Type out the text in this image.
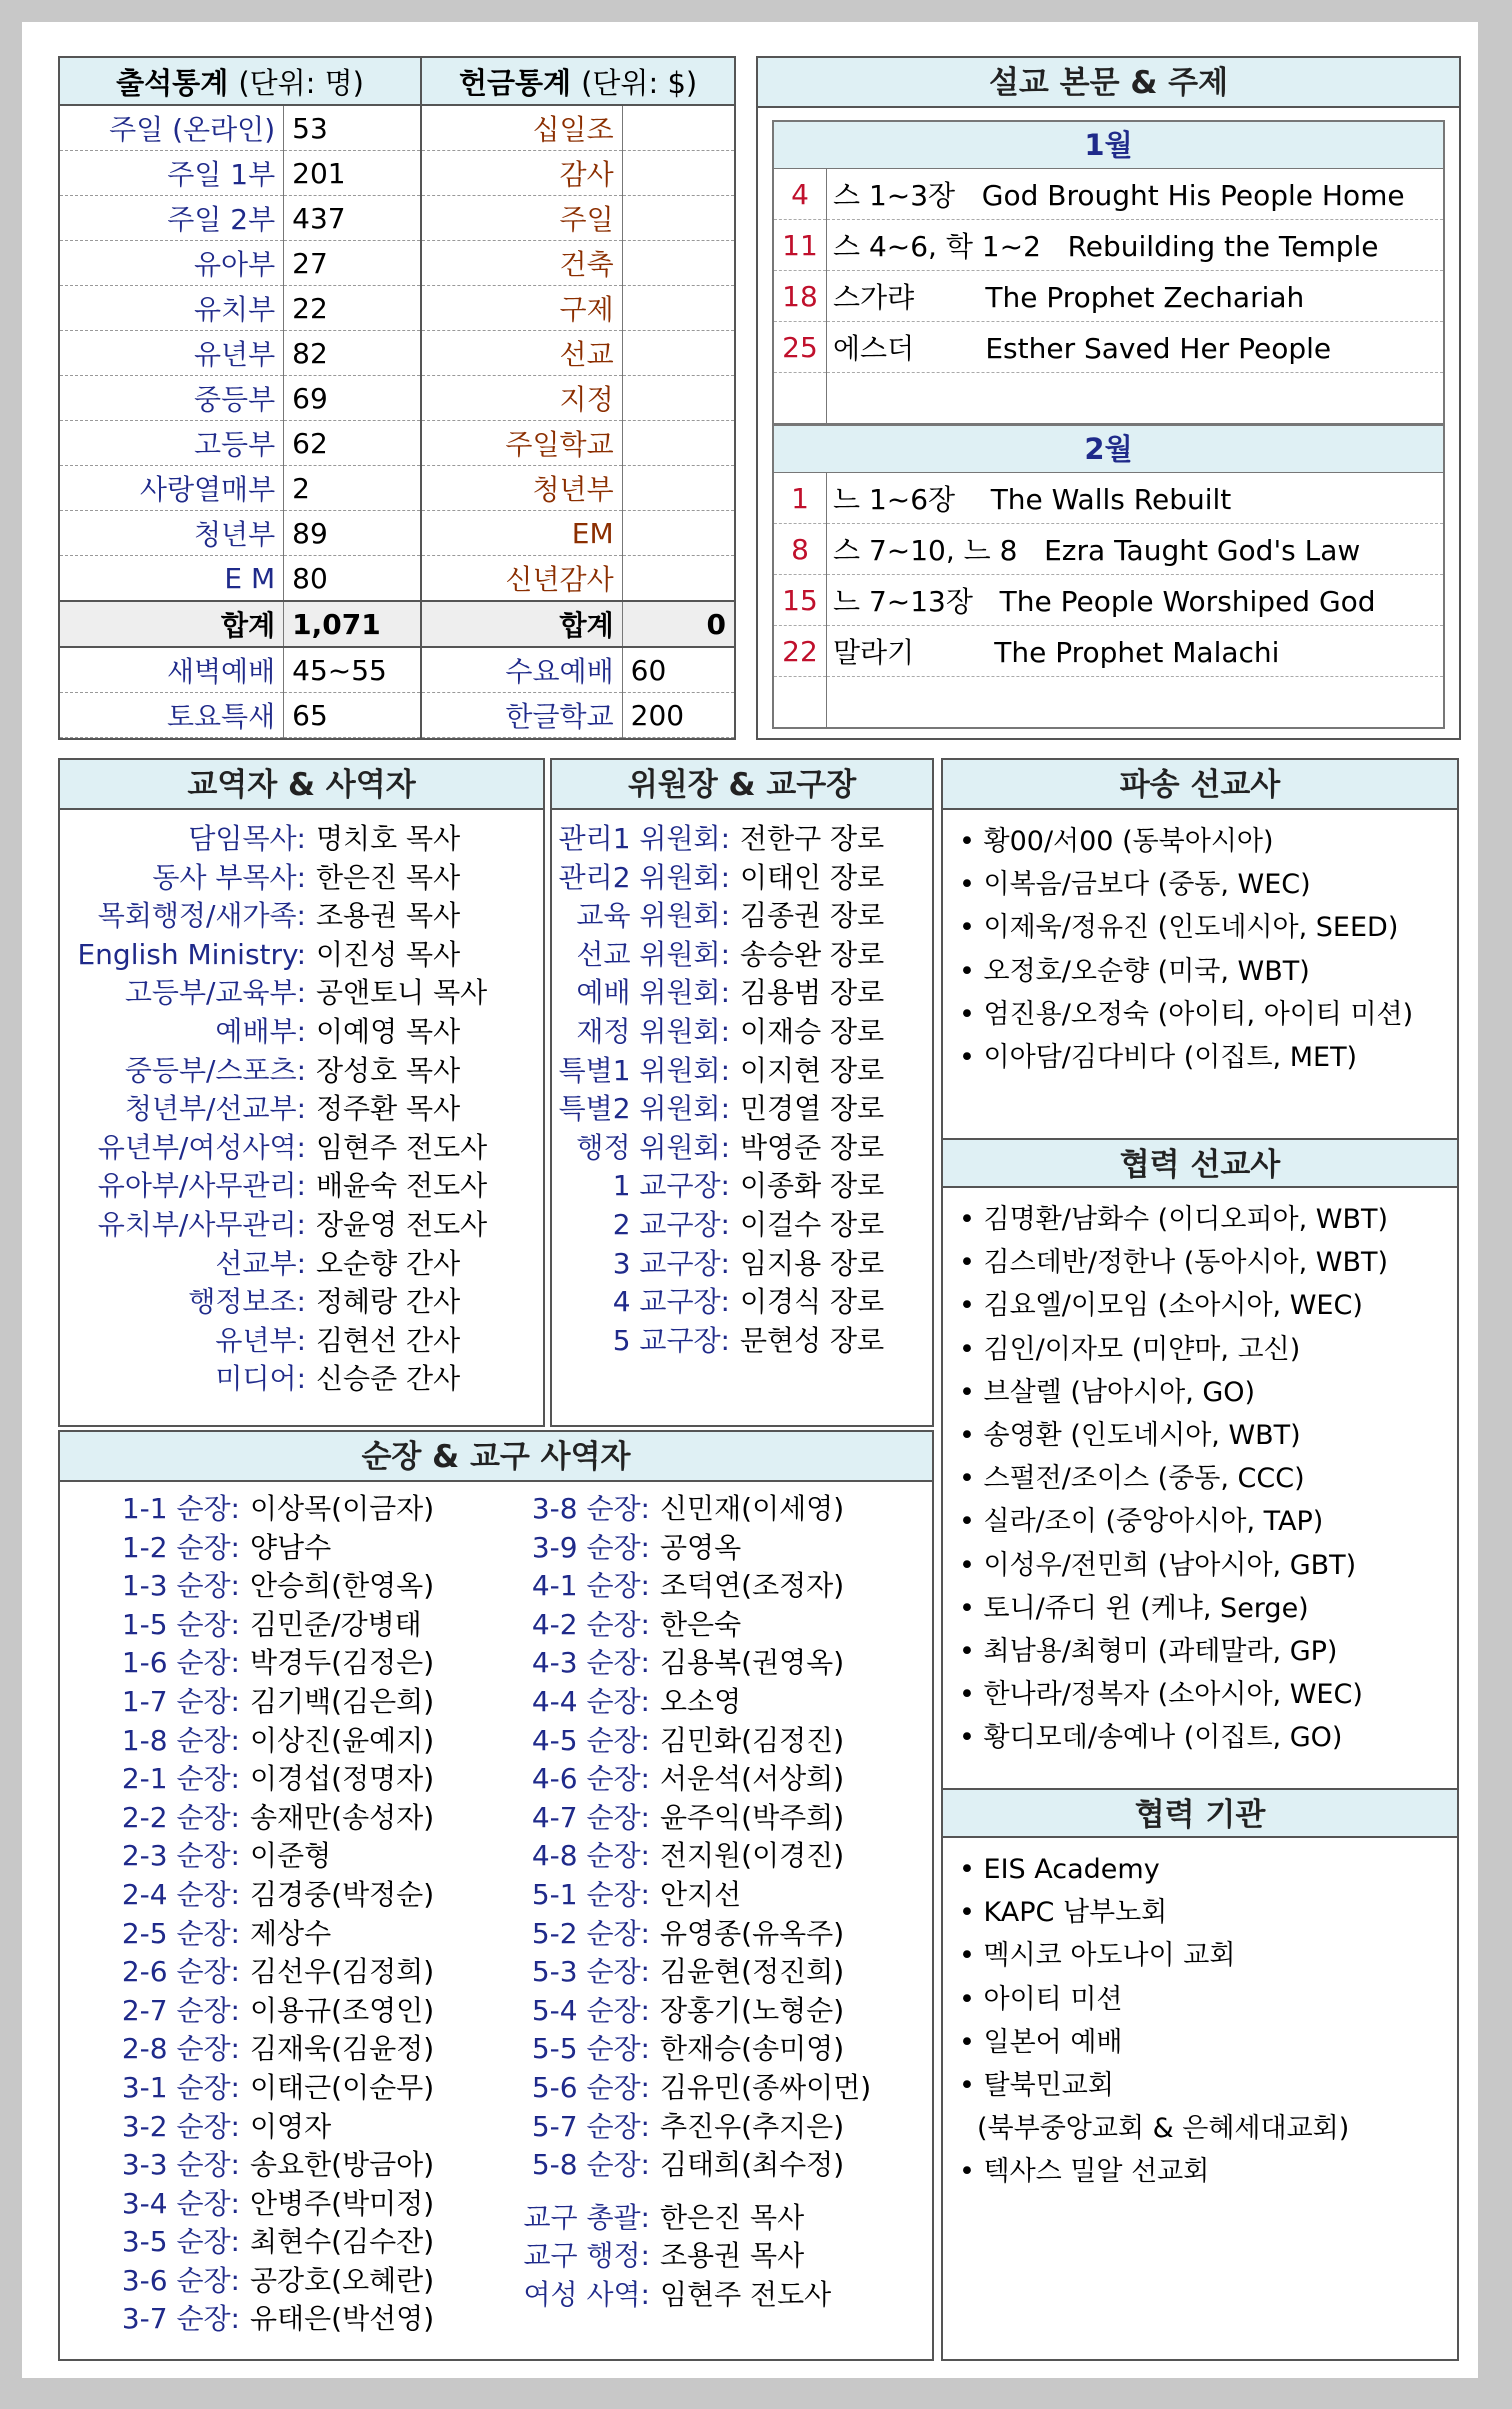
출석통계 (단위: 명)		헌금통계 (단위: $)	
주일 (온라인)	53	십일조	
주일 1부	201	감사	
주일 2부	437	주일	
유아부	27	건축	
유치부	22	구제	
유년부	82	선교	
중등부	69	지정	
고등부	62	주일학교	
사랑열매부	2	청년부	
청년부	89	EM	
E M	80	신년감사	
합계	1,071	합계	0
새벽예배	45~55	수요예배	60
토요특새	65	한글학교	200
설교 본문 & 주제
1월
4	스 1~3장   God Brought His People Home
11	스 4~6, 학 1~2   Rebuilding the Temple
18	스가랴        The Prophet Zechariah
25	에스더        Esther Saved Her People

2월
1	느 1~6장    The Walls Rebuilt
8	스 7~10, 느 8   Ezra Taught God's Law
15	느 7~13장   The People Worshiped God
22	말라기         The Prophet Malachi

교역자 & 사역자
담임목사: 명치호 목사
동사 부목사: 한은진 목사
목회행정/새가족: 조용권 목사
English Ministry: 이진성 목사
고등부/교육부: 공앤토니 목사
예배부: 이예영 목사
중등부/스포츠: 장성호 목사
청년부/선교부: 정주환 목사
유년부/여성사역: 임현주 전도사
유아부/사무관리: 배윤숙 전도사
유치부/사무관리: 장윤영 전도사
선교부: 오순향 간사
행정보조: 정혜랑 간사
유년부: 김현선 간사
미디어: 신승준 간사
위원장 & 교구장
관리1 위원회: 전한구 장로
관리2 위원회: 이태인 장로
교육 위원회: 김종권 장로
선교 위원회: 송승완 장로
예배 위원회: 김용범 장로
재정 위원회: 이재승 장로
특별1 위원회: 이지현 장로
특별2 위원회: 민경열 장로
행정 위원회: 박영준 장로
1 교구장: 이종화 장로
2 교구장: 이걸수 장로
3 교구장: 임지용 장로
4 교구장: 이경식 장로
5 교구장: 문현성 장로
순장 & 교구 사역자
1-1 순장: 이상목(이금자)
1-2 순장: 양남수
1-3 순장: 안승희(한영옥)
1-5 순장: 김민준/강병태
1-6 순장: 박경두(김정은)
1-7 순장: 김기백(김은희)
1-8 순장: 이상진(윤예지)
2-1 순장: 이경섭(정명자)
2-2 순장: 송재만(송성자)
2-3 순장: 이준형
2-4 순장: 김경중(박정순)
2-5 순장: 제상수
2-6 순장: 김선우(김정희)
2-7 순장: 이용규(조영인)
2-8 순장: 김재욱(김윤정)
3-1 순장: 이태근(이순무)
3-2 순장: 이영자
3-3 순장: 송요한(방금아)
3-4 순장: 안병주(박미정)
3-5 순장: 최현수(김수잔)
3-6 순장: 공강호(오혜란)
3-7 순장: 유태은(박선영)
3-8 순장: 신민재(이세영)
3-9 순장: 공영옥
4-1 순장: 조덕연(조정자)
4-2 순장: 한은숙
4-3 순장: 김용복(권영옥)
4-4 순장: 오소영
4-5 순장: 김민화(김정진)
4-6 순장: 서운석(서상희)
4-7 순장: 윤주익(박주희)
4-8 순장: 전지원(이경진)
5-1 순장: 안지선
5-2 순장: 유영종(유옥주)
5-3 순장: 김윤현(정진희)
5-4 순장: 장홍기(노형순)
5-5 순장: 한재승(송미영)
5-6 순장: 김유민(종싸이먼)
5-7 순장: 추진우(추지은)
5-8 순장: 김태희(최수정)
교구 총괄: 한은진 목사
교구 행정: 조용권 목사
여성 사역: 임현주 전도사
파송 선교사
• 황00/서00 (동북아시아)
• 이복음/금보다 (중동, WEC)
• 이제욱/정유진 (인도네시아, SEED)
• 오정호/오순향 (미국, WBT)
• 엄진용/오정숙 (아이티, 아이티 미션)
• 이아담/김다비다 (이집트, MET)
협력 선교사
• 김명환/남화수 (이디오피아, WBT)
• 김스데반/정한나 (동아시아, WBT)
• 김요엘/이모임 (소아시아, WEC)
• 김인/이자모 (미얀마, 고신)
• 브살렐 (남아시아, GO)
• 송영환 (인도네시아, WBT)
• 스펄전/조이스 (중동, CCC)
• 실라/조이 (중앙아시아, TAP)
• 이성우/전민희 (남아시아, GBT)
• 토니/쥬디 윈 (케냐, Serge)
• 최남용/최형미 (과테말라, GP)
• 한나라/정복자 (소아시아, WEC)
• 황디모데/송예나 (이집트, GO)
협력 기관
• EIS Academy
• KAPC 남부노회
• 멕시코 아도나이 교회
• 아이티 미션
• 일본어 예배
• 탈북민교회
(북부중앙교회 & 은혜세대교회)
• 텍사스 밀알 선교회
